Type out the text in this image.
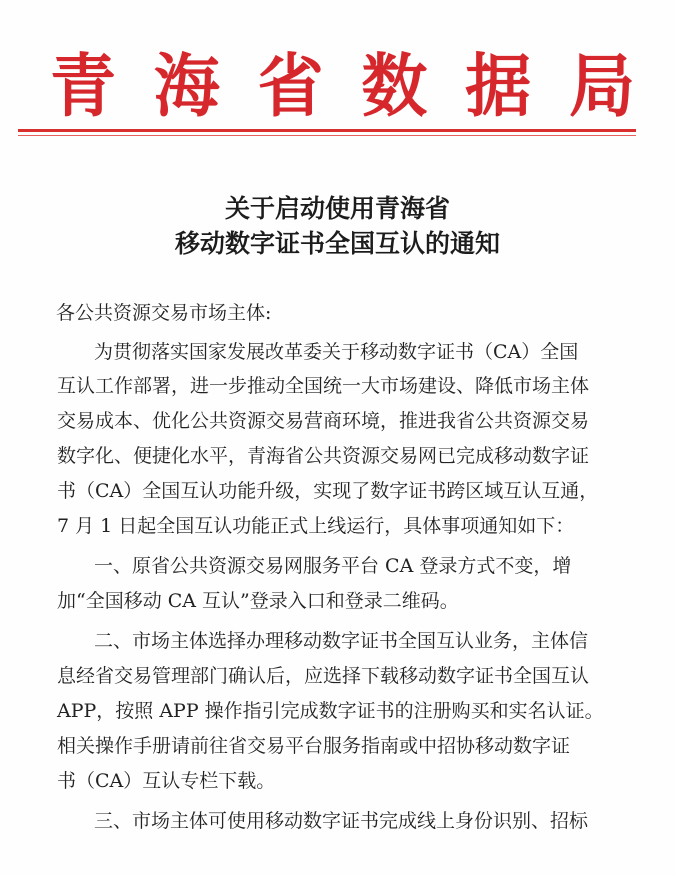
青 海 省 数 据 局
关于启动使用青海省
移动数字证书全国互认的通知
各公共资源交易市场主体:
为贯彻落实国家发展改革委关于移动数字证书（CA）全国
互认工作部署，进一步推动全国统一大市场建设、降低市场主体
交易成本、优化公共资源交易营商环境，推进我省公共资源交易
数字化、便捷化水平，青海省公共资源交易网已完成移动数字证
书（CA）全国互认功能升级，实现了数字证书跨区域互认互通，
7 月 1 日起全国互认功能正式上线运行，具体事项通知如下：
一、原省公共资源交易网服务平台 CA 登录方式不变，增
加“全国移动 CA 互认”登录入口和登录二维码。
二、市场主体选择办理移动数字证书全国互认业务，主体信
息经省交易管理部门确认后，应选择下载移动数字证书全国互认
APP，按照 APP 操作指引完成数字证书的注册购买和实名认证。
相关操作手册请前往省交易平台服务指南或中招协移动数字证
书（CA）互认专栏下载。
三、市场主体可使用移动数字证书完成线上身份识别、招标
